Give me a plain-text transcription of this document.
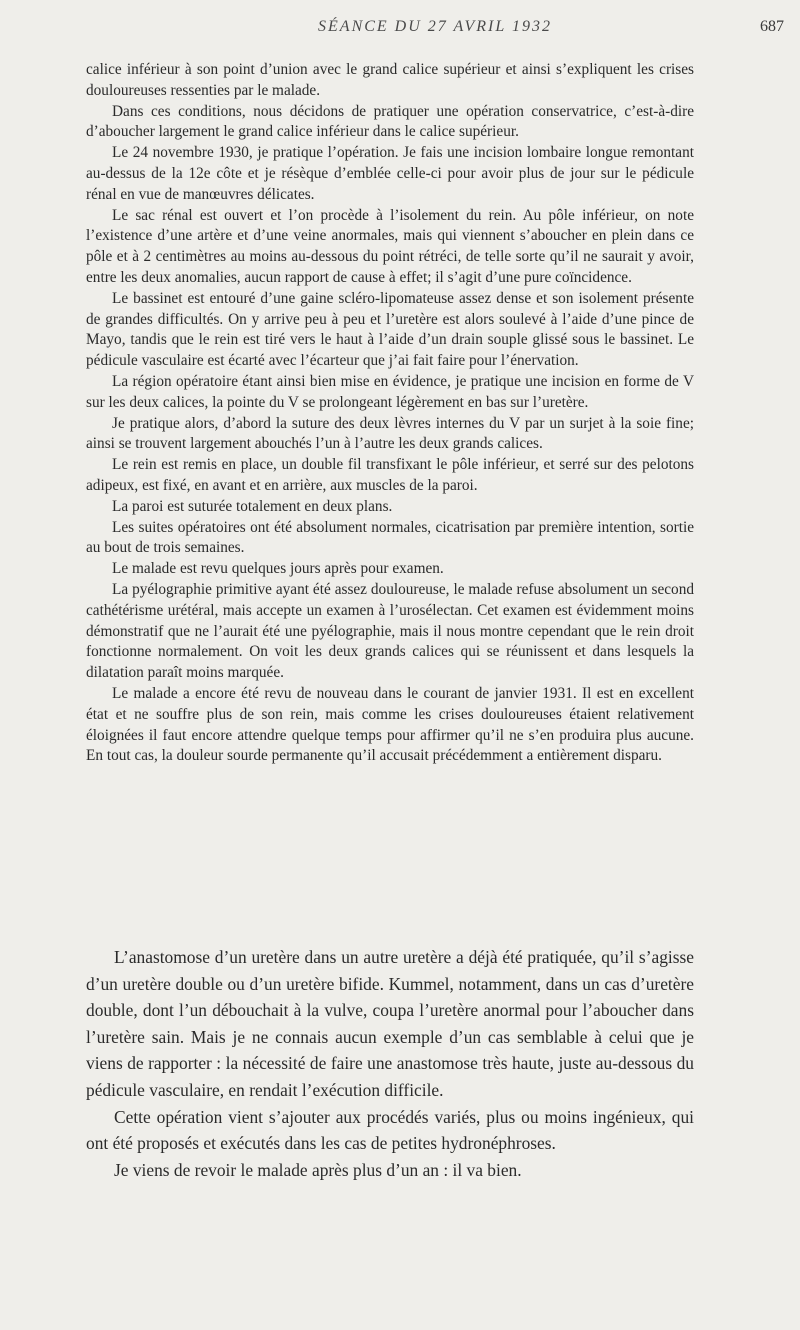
SÉANCE DU 27 AVRIL 1932	687

calice inférieur à son point d’union avec le grand calice supérieur et ainsi s’expliquent les crises douloureuses ressenties par le malade.

Dans ces conditions, nous décidons de pratiquer une opération conservatrice, c’est-à-dire d’aboucher largement le grand calice inférieur dans le calice supérieur.

Le 24 novembre 1930, je pratique l’opération. Je fais une incision lombaire longue remontant au-dessus de la 12e côte et je résèque d’emblée celle-ci pour avoir plus de jour sur le pédicule rénal en vue de manœuvres délicates.

Le sac rénal est ouvert et l’on procède à l’isolement du rein. Au pôle inférieur, on note l’existence d’une artère et d’une veine anormales, mais qui viennent s’aboucher en plein dans ce pôle et à 2 centimètres au moins au-dessous du point rétréci, de telle sorte qu’il ne saurait y avoir, entre les deux anomalies, aucun rapport de cause à effet; il s’agit d’une pure coïncidence.

Le bassinet est entouré d’une gaine scléro-lipomateuse assez dense et son isolement présente de grandes difficultés. On y arrive peu à peu et l’uretère est alors soulevé à l’aide d’une pince de Mayo, tandis que le rein est tiré vers le haut à l’aide d’un drain souple glissé sous le bassinet. Le pédicule vasculaire est écarté avec l’écarteur que j’ai fait faire pour l’énervation.

La région opératoire étant ainsi bien mise en évidence, je pratique une incision en forme de V sur les deux calices, la pointe du V se prolongeant légèrement en bas sur l’uretère.

Je pratique alors, d’abord la suture des deux lèvres internes du V par un surjet à la soie fine; ainsi se trouvent largement abouchés l’un à l’autre les deux grands calices.

Le rein est remis en place, un double fil transfixant le pôle inférieur, et serré sur des pelotons adipeux, est fixé, en avant et en arrière, aux muscles de la paroi.

La paroi est suturée totalement en deux plans.

Les suites opératoires ont été absolument normales, cicatrisation par première intention, sortie au bout de trois semaines.

Le malade est revu quelques jours après pour examen.

La pyélographie primitive ayant été assez douloureuse, le malade refuse absolument un second cathétérisme urétéral, mais accepte un examen à l’urosélectan. Cet examen est évidemment moins démonstratif que ne l’aurait été une pyélographie, mais il nous montre cependant que le rein droit fonctionne normalement. On voit les deux grands calices qui se réunissent et dans lesquels la dilatation paraît moins marquée.

Le malade a encore été revu de nouveau dans le courant de janvier 1931. Il est en excellent état et ne souffre plus de son rein, mais comme les crises douloureuses étaient relativement éloignées il faut encore attendre quelque temps pour affirmer qu’il ne s’en produira plus aucune. En tout cas, la douleur sourde permanente qu’il accusait précédemment a entièrement disparu.

L’anastomose d’un uretère dans un autre uretère a déjà été pratiquée, qu’il s’agisse d’un uretère double ou d’un uretère bifide. Kummel, notamment, dans un cas d’uretère double, dont l’un débouchait à la vulve, coupa l’uretère anormal pour l’aboucher dans l’uretère sain. Mais je ne connais aucun exemple d’un cas semblable à celui que je viens de rapporter : la nécessité de faire une anastomose très haute, juste au-dessous du pédicule vasculaire, en rendait l’exécution difficile.

Cette opération vient s’ajouter aux procédés variés, plus ou moins ingénieux, qui ont été proposés et exécutés dans les cas de petites hydronéphroses.

Je viens de revoir le malade après plus d’un an : il va bien.
